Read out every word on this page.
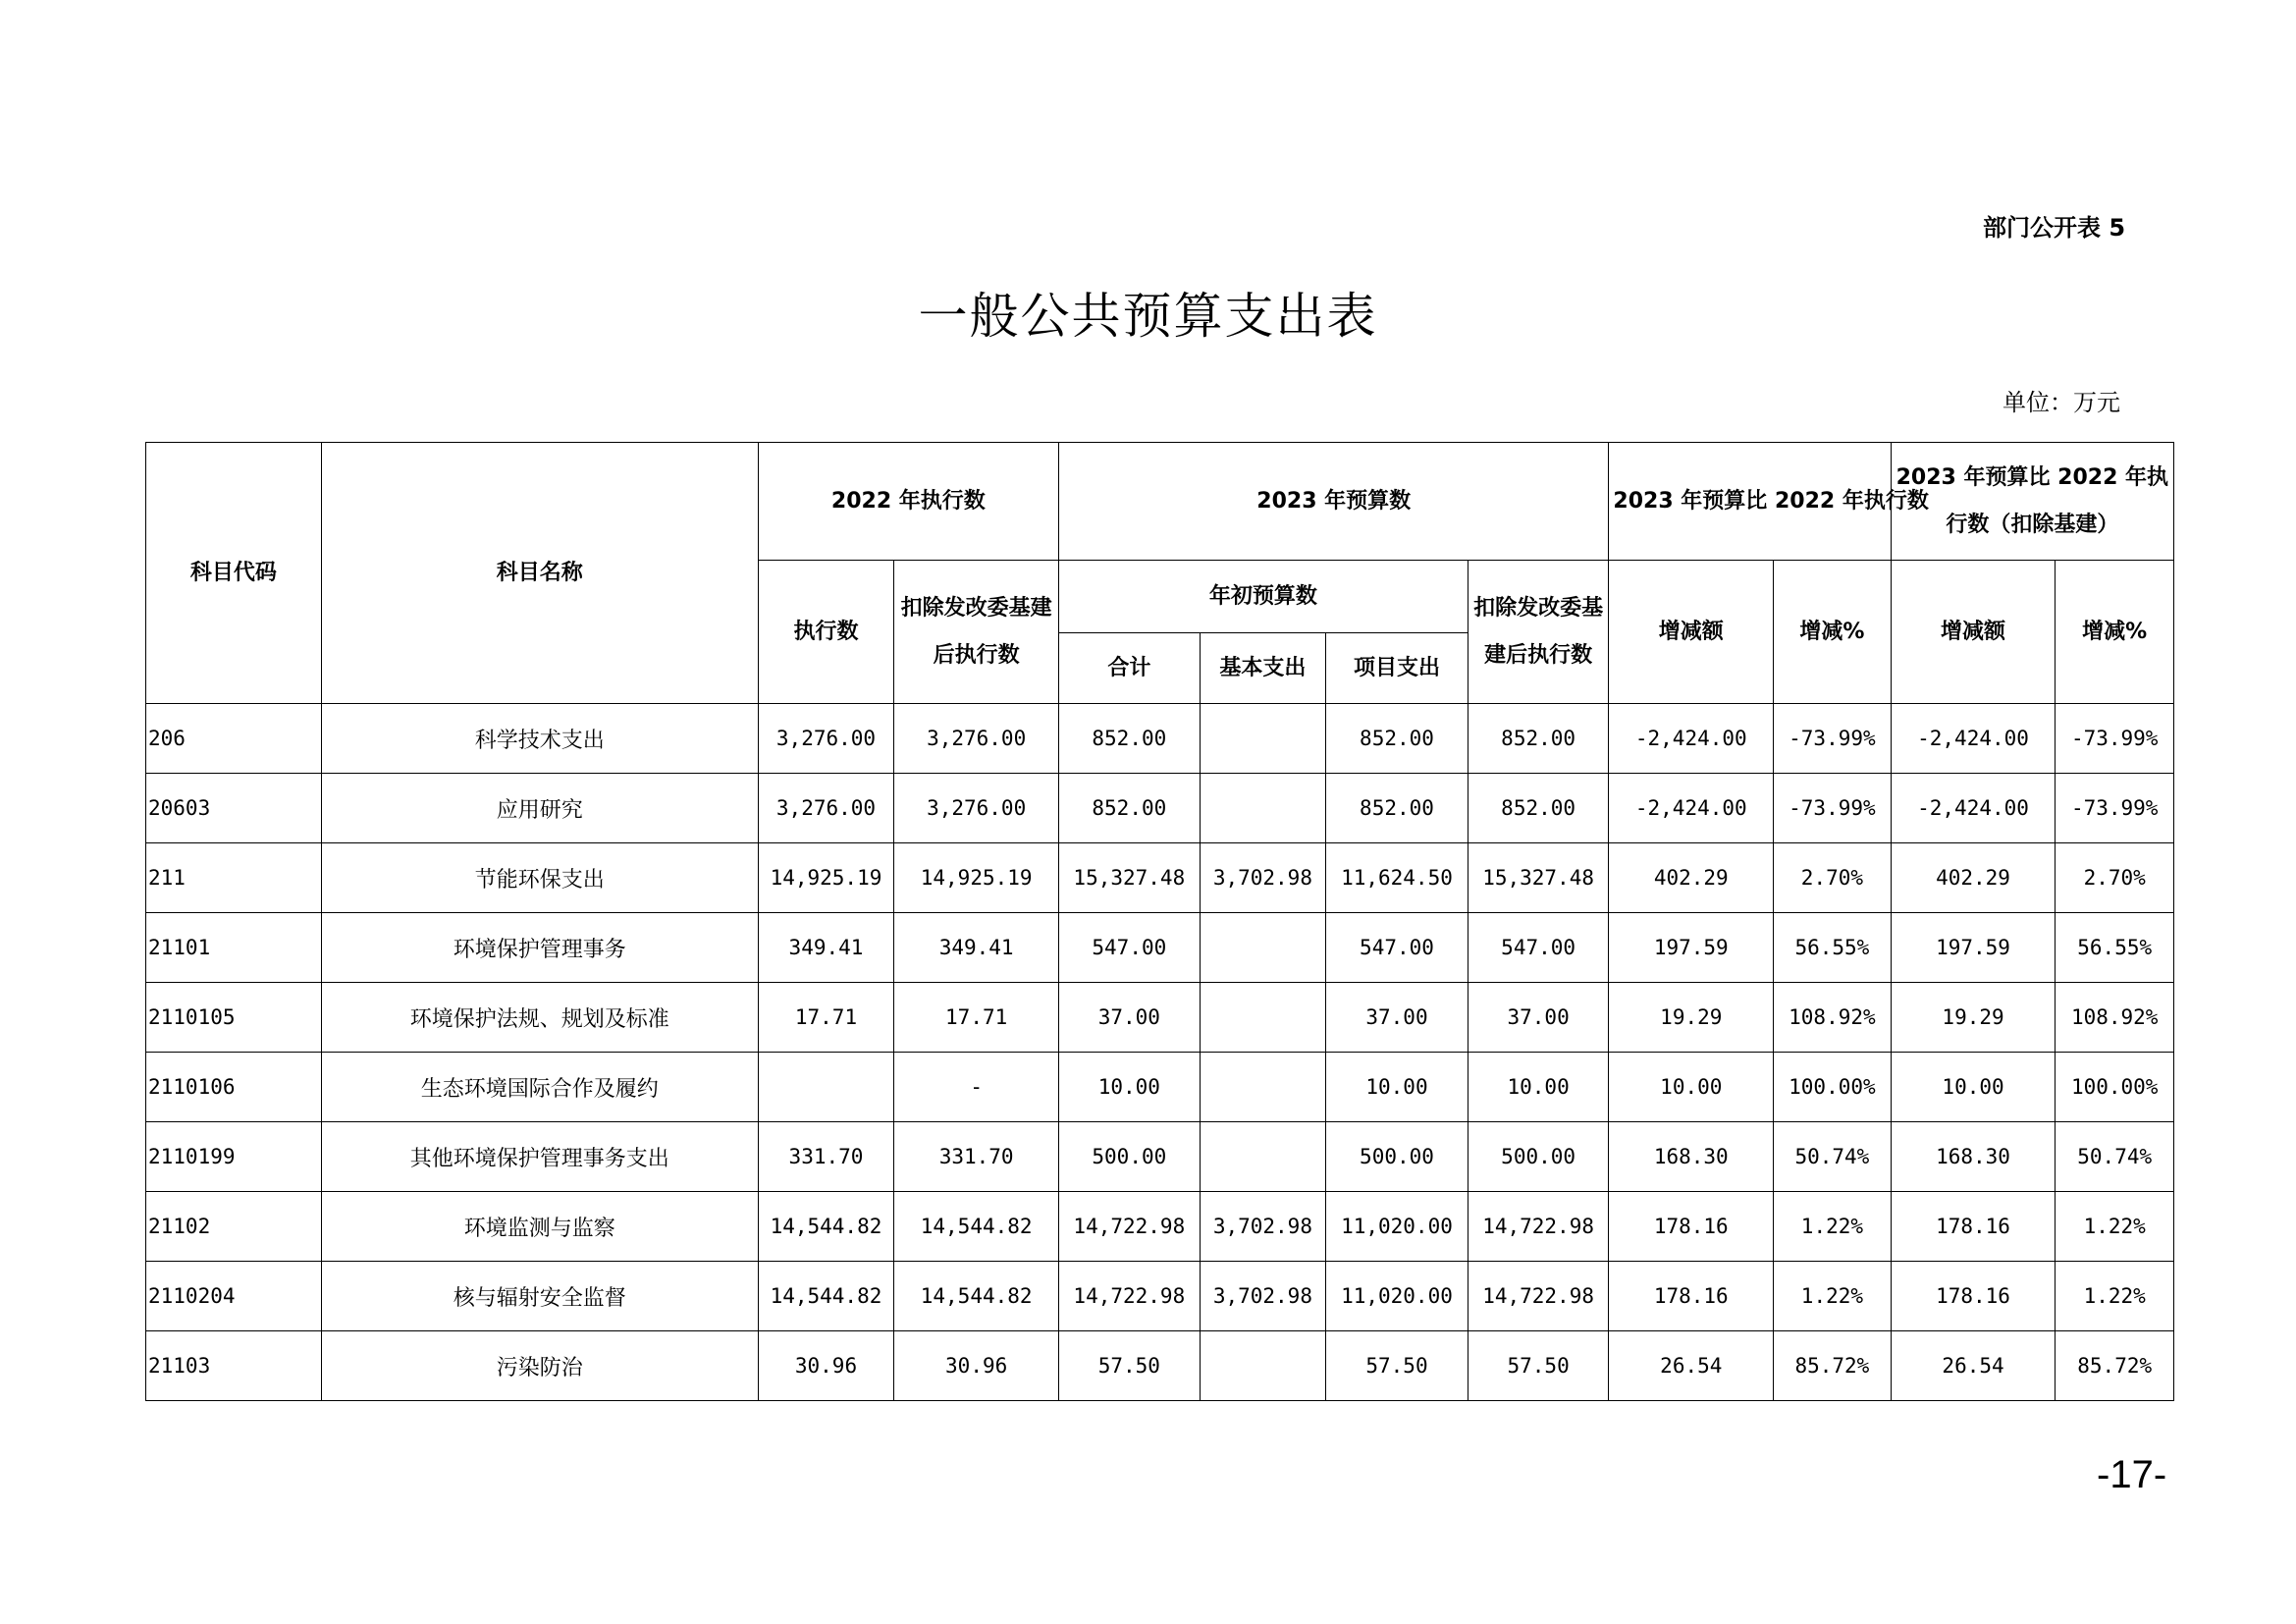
部门公开表 5
一般公共预算支出表
单位：万元
科目代码	科目名称	2022 年执行数		2023 年预算数				2023 年预算比 2022 年执行数		2023 年预算比 2022 年执行数（扣除基建）	
		执行数	扣除发改委基建后执行数	年初预算数			扣除发改委基建后执行数	增减额	增减%	增减额	增减%
				合计	基本支出	项目支出					
206	科学技术支出	3,276.00	3,276.00	852.00		852.00	852.00	-2,424.00	-73.99%	-2,424.00	-73.99%
20603	应用研究	3,276.00	3,276.00	852.00		852.00	852.00	-2,424.00	-73.99%	-2,424.00	-73.99%
211	节能环保支出	14,925.19	14,925.19	15,327.48	3,702.98	11,624.50	15,327.48	402.29	2.70%	402.29	2.70%
21101	环境保护管理事务	349.41	349.41	547.00		547.00	547.00	197.59	56.55%	197.59	56.55%
2110105	环境保护法规、规划及标准	17.71	17.71	37.00		37.00	37.00	19.29	108.92%	19.29	108.92%
2110106	生态环境国际合作及履约		-	10.00		10.00	10.00	10.00	100.00%	10.00	100.00%
2110199	其他环境保护管理事务支出	331.70	331.70	500.00		500.00	500.00	168.30	50.74%	168.30	50.74%
21102	环境监测与监察	14,544.82	14,544.82	14,722.98	3,702.98	11,020.00	14,722.98	178.16	1.22%	178.16	1.22%
2110204	核与辐射安全监督	14,544.82	14,544.82	14,722.98	3,702.98	11,020.00	14,722.98	178.16	1.22%	178.16	1.22%
21103	污染防治	30.96	30.96	57.50		57.50	57.50	26.54	85.72%	26.54	85.72%
-17-
